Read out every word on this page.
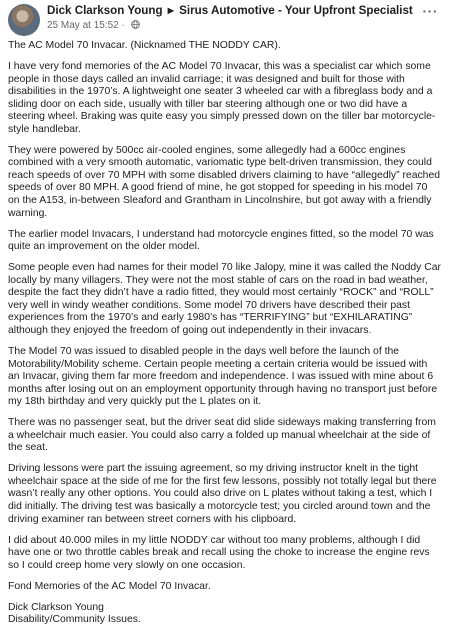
Dick Clarkson Young ▶ Sirus Automotive - Your Upfront Specialist
25 May at 15:52 ·
···

The AC Model 70 Invacar. (Nicknamed THE NODDY CAR).

I have very fond memories of the AC Model 70 Invacar, this was a specialist car which some people in those days called an invalid carriage; it was designed and built for those with disabilities in the 1970’s. A lightweight one seater 3 wheeled car with a fibreglass body and a sliding door on each side, usually with tiller bar steering although one or two did have a steering wheel. Braking was quite easy you simply pressed down on the tiller bar motorcycle-style handlebar.

They were powered by 500cc air-cooled engines, some allegedly had a 600cc engines combined with a very smooth automatic, variomatic type belt-driven transmission, they could reach speeds of over 70 MPH with some disabled drivers claiming to have “allegedly” reached speeds of over 80 MPH. A good friend of mine, he got stopped for speeding in his model 70 on the A153, in-between Sleaford and Grantham in Lincolnshire, but got away with a friendly warning.

The earlier model Invacars, I understand had motorcycle engines fitted, so the model 70 was quite an improvement on the older model.

Some people even had names for their model 70 like Jalopy, mine it was called the Noddy Car locally by many villagers. They were not the most stable of cars on the road in bad weather, despite the fact they didn’t have a radio fitted, they would most certainly “ROCK” and “ROLL” very well in windy weather conditions. Some model 70 drivers have described their past experiences from the 1970’s and early 1980’s has “TERRIFYING” but “EXHILARATING” although they enjoyed the freedom of going out independently in their invacars.

The Model 70 was issued to disabled people in the days well before the launch of the Motorability/Mobility scheme. Certain people meeting a certain criteria would be issued with an Invacar, giving them far more freedom and independence. I was issued with mine about 6 months after losing out on an employment opportunity through having no transport just before my 18th birthday and very quickly put the L plates on it.

There was no passenger seat, but the driver seat did slide sideways making transferring from a wheelchair much easier. You could also carry a folded up manual wheelchair at the side of the seat.

Driving lessons were part the issuing agreement, so my driving instructor knelt in the tight wheelchair space at the side of me for the first few lessons, possibly not totally legal but there wasn’t really any other options. You could also drive on L plates without taking a test, which I did initially. The driving test was basically a motorcycle test; you circled around town and the driving examiner ran between street corners with his clipboard.

I did about 40.000 miles in my little NODDY car without too many problems, although I did have one or two throttle cables break and recall using the choke to increase the engine revs so I could creep home very slowly on one occasion.

Fond Memories of the AC Model 70 Invacar.

Dick Clarkson Young

Disability/Community Issues.
